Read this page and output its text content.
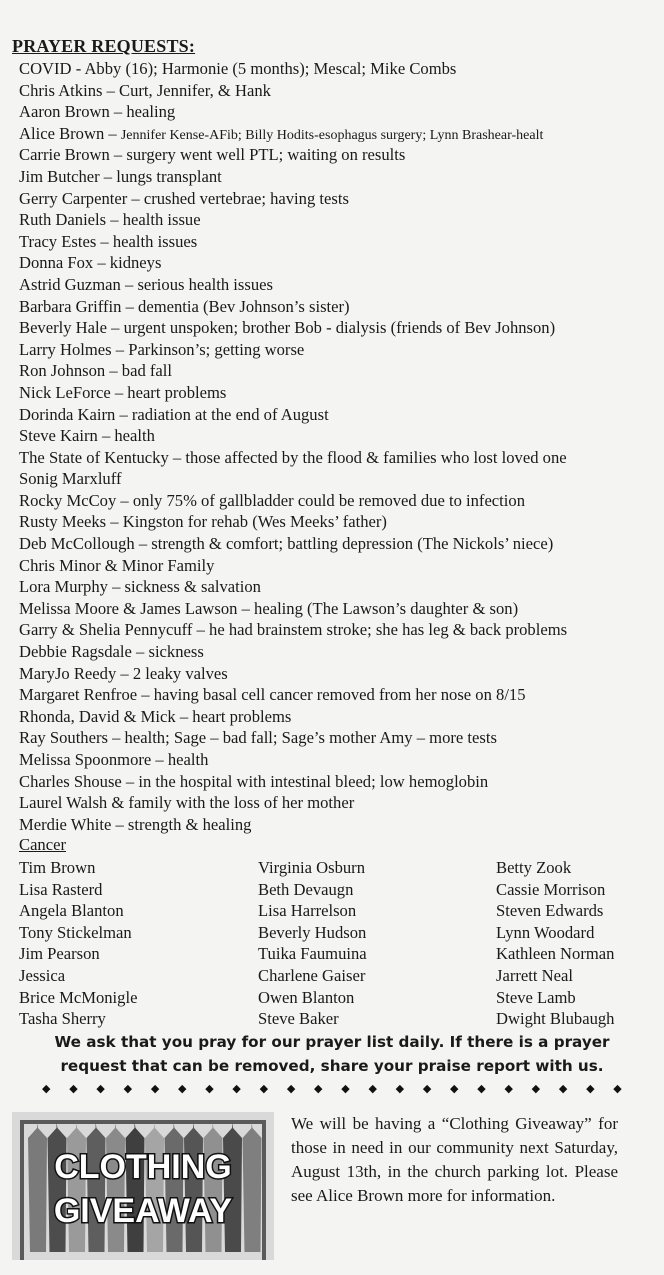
PRAYER REQUESTS:
COVID - Abby (16); Harmonie (5 months); Mescal; Mike Combs
Chris Atkins – Curt, Jennifer, & Hank
Aaron Brown – healing
Alice Brown – Jennifer Kense-AFib; Billy Hodits-esophagus surgery; Lynn Brashear-healt
Carrie Brown – surgery went well PTL; waiting on results
Jim Butcher – lungs transplant
Gerry Carpenter – crushed vertebrae; having tests
Ruth Daniels – health issue
Tracy Estes – health issues
Donna Fox – kidneys
Astrid Guzman – serious health issues
Barbara Griffin – dementia (Bev Johnson’s sister)
Beverly Hale – urgent unspoken; brother Bob - dialysis (friends of Bev Johnson)
Larry Holmes – Parkinson’s; getting worse
Ron Johnson – bad fall
Nick LeForce – heart problems
Dorinda Kairn – radiation at the end of August
Steve Kairn – health
The State of Kentucky – those affected by the flood & families who lost loved one
Sonig Marxluff
Rocky McCoy – only 75% of gallbladder could be removed due to infection
Rusty Meeks – Kingston for rehab (Wes Meeks’ father)
Deb McCollough – strength & comfort; battling depression (The Nickols’ niece)
Chris Minor & Minor Family
Lora Murphy – sickness & salvation
Melissa Moore & James Lawson – healing (The Lawson’s daughter & son)
Garry & Shelia Pennycuff – he had brainstem stroke; she has leg & back problems
Debbie Ragsdale – sickness
MaryJo Reedy – 2 leaky valves
Margaret Renfroe – having basal cell cancer removed from her nose on 8/15
Rhonda, David & Mick – heart problems
Ray Southers – health; Sage – bad fall; Sage’s mother Amy – more tests
Melissa Spoonmore – health
Charles Shouse – in the hospital with intestinal bleed; low hemoglobin
Laurel Walsh & family with the loss of her mother
Merdie White – strength & healing
Cancer
Tim Brown
Lisa Rasterd
Angela Blanton
Tony Stickelman
Jim Pearson
Jessica
Brice McMonigle
Tasha Sherry
Virginia Osburn
Beth Devaugn
Lisa Harrelson
Beverly Hudson
Tuika Faumuina
Charlene Gaiser
Owen Blanton
Steve Baker
Betty Zook
Cassie Morrison
Steven Edwards
Lynn Woodard
Kathleen Norman
Jarrett Neal
Steve Lamb
Dwight Blubaugh
We ask that you pray for our prayer list daily. If there is a prayer request that can be removed, share your praise report with us.
◆ ◆ ◆ ◆ ◆ ◆ ◆ ◆ ◆ ◆ ◆ ◆ ◆ ◆ ◆ ◆ ◆ ◆ ◆ ◆ ◆ ◆
CLOTHING
GIVEAWAY
We will be having a “Clothing Giveaway” for those in need in our community next Saturday, August 13th, in the church parking lot. Please see Alice Brown more for information.
